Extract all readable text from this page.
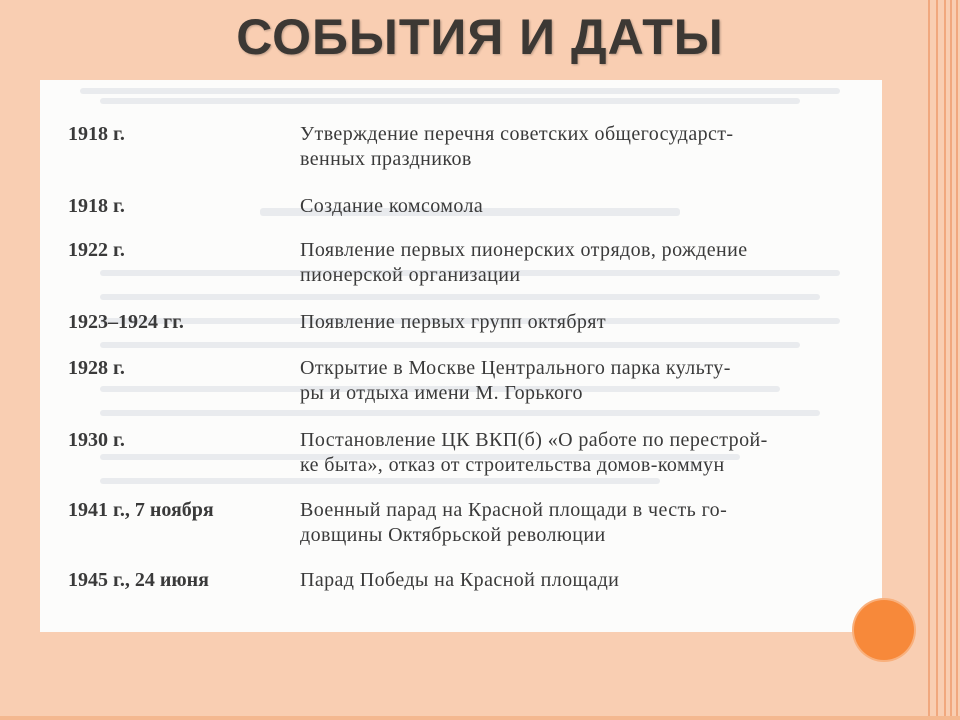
СОБЫТИЯ И ДАТЫ
1918 г.	Утверждение перечня советских общегосударст-
венных праздников
1918 г.	Создание комсомола
1922 г.	Появление первых пионерских отрядов, рождение
пионерской организации
1923–1924 гг.	Появление первых групп октябрят
1928 г.	Открытие в Москве Центрального парка культу-
ры и отдыха имени М. Горького
1930 г.	Постановление ЦК ВКП(б) «О работе по перестрой-
ке быта», отказ от строительства домов-коммун
1941 г., 7 ноября	Военный парад на Красной площади в честь го-
довщины Октябрьской революции
1945 г., 24 июня	Парад Победы на Красной площади
